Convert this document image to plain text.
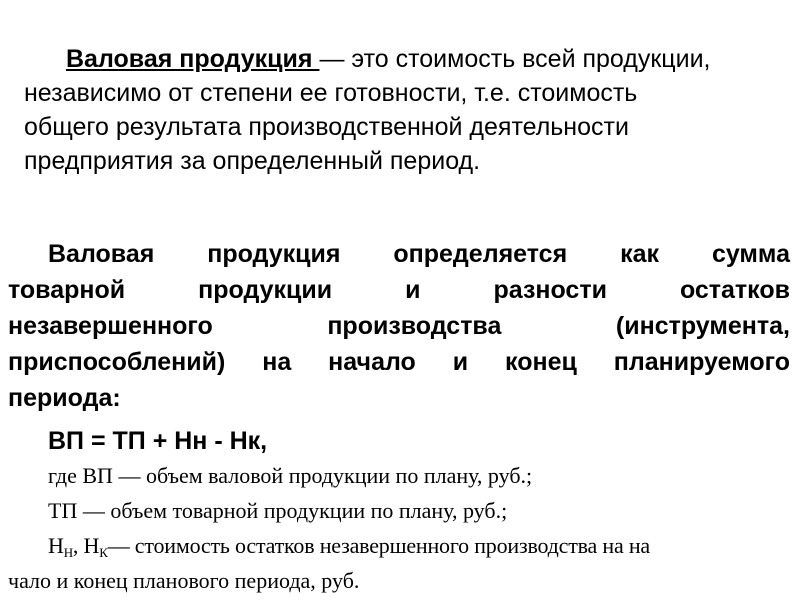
Валовая продукция — это стоимость всей продукции,
независимо от степени ее готовности, т.е. стоимость
общего результата производственной деятельности
предприятия за определенный период.
Валовая продукция определяется как сумма
товарной	продукции	и	разности	остатков
незавершенного	производства	(инструмента,
приспособлений) на начало и конец планируемого
периода:
ВП = ТП + Нн - Нк,
где ВП — объем валовой продукции по плану, руб.;
ТП — объем товарной продукции по плану, руб.;
$Н_Н$, $Н_К—$ стоимость остатков незавершенного производства на на
чало и конец планового периода, руб.
